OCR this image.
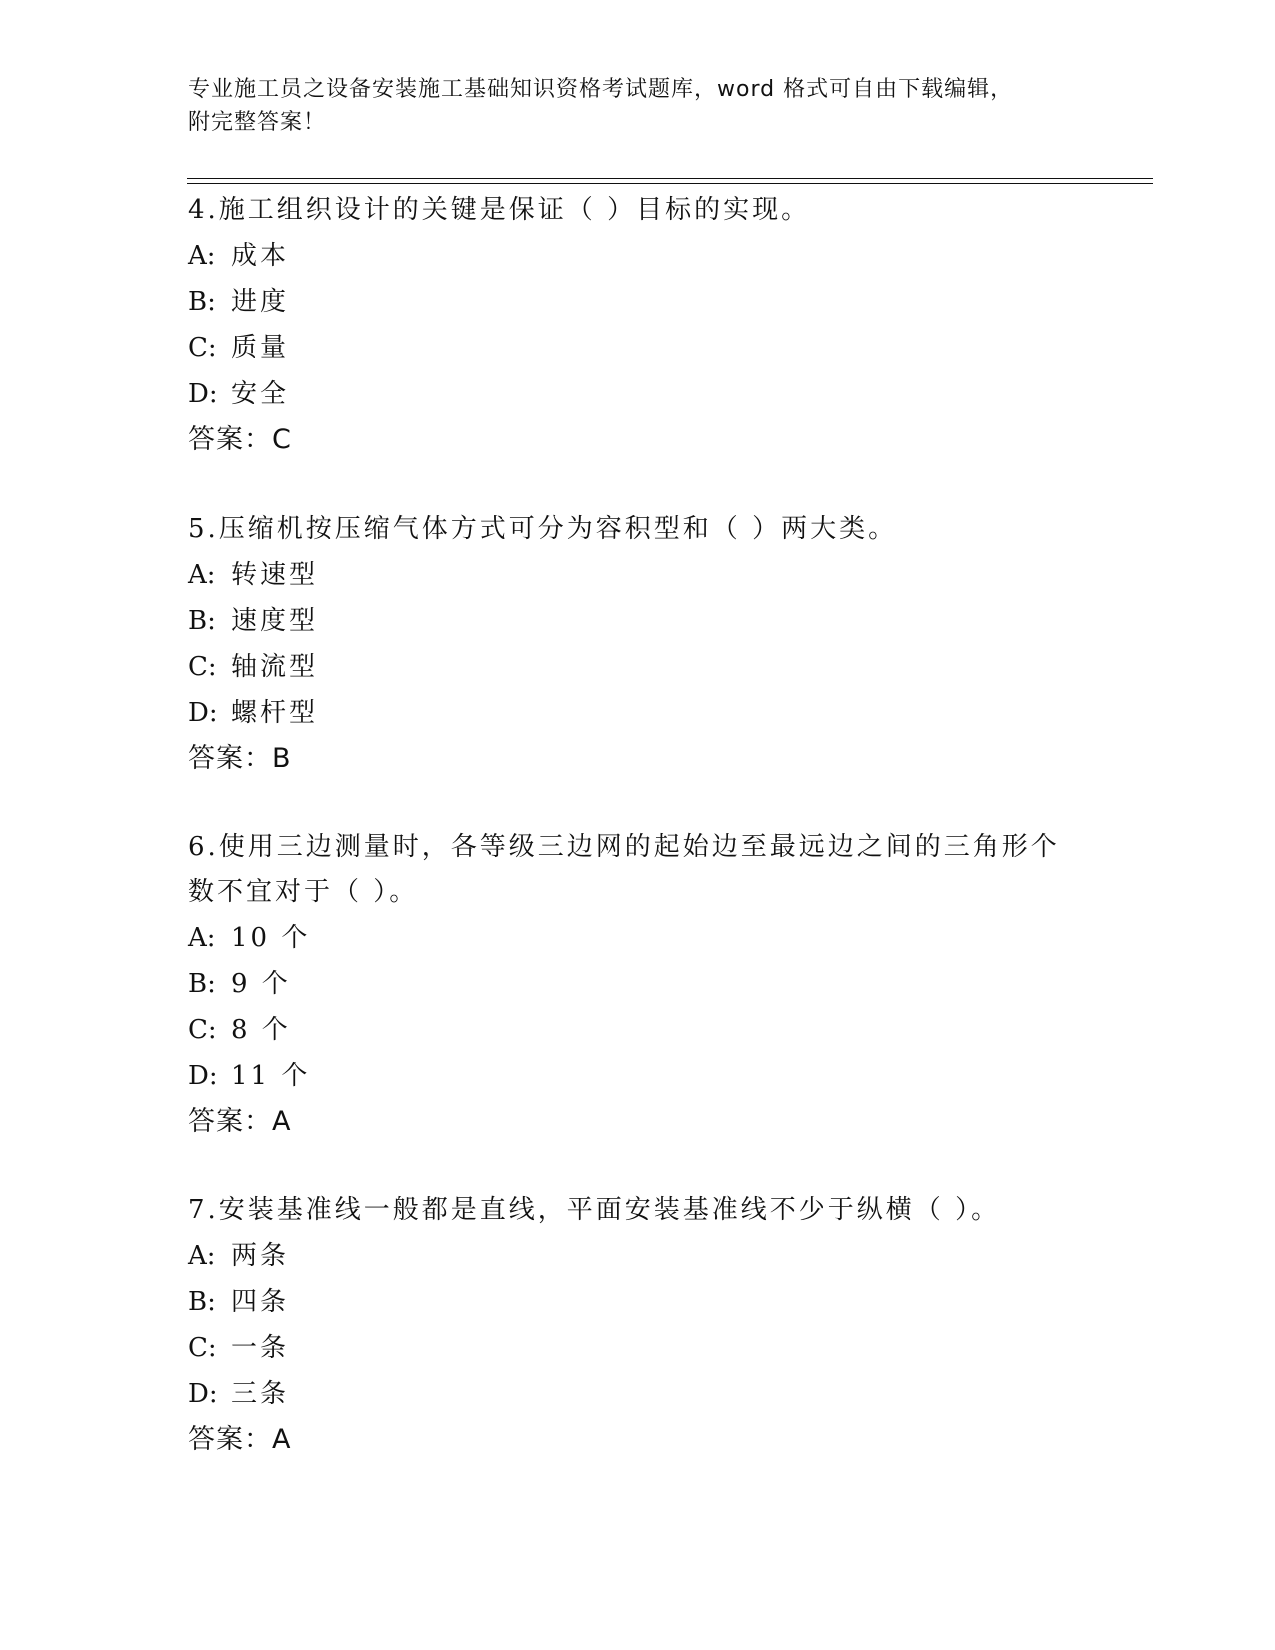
专业施工员之设备安装施工基础知识资格考试题库，word 格式可自由下载编辑，
附完整答案！
4.施工组织设计的关键是保证（ ）目标的实现。
A: 成本
B: 进度
C: 质量
D: 安全
答案：C
5.压缩机按压缩气体方式可分为容积型和（ ）两大类。
A: 转速型
B: 速度型
C: 轴流型
D: 螺杆型
答案：B
6.使用三边测量时，各等级三边网的起始边至最远边之间的三角形个
数不宜对于（ ）。
A: 10 个
B: 9 个
C: 8 个
D: 11 个
答案：A
7.安装基准线一般都是直线，平面安装基准线不少于纵横（ ）。
A: 两条
B: 四条
C: 一条
D: 三条
答案：A
